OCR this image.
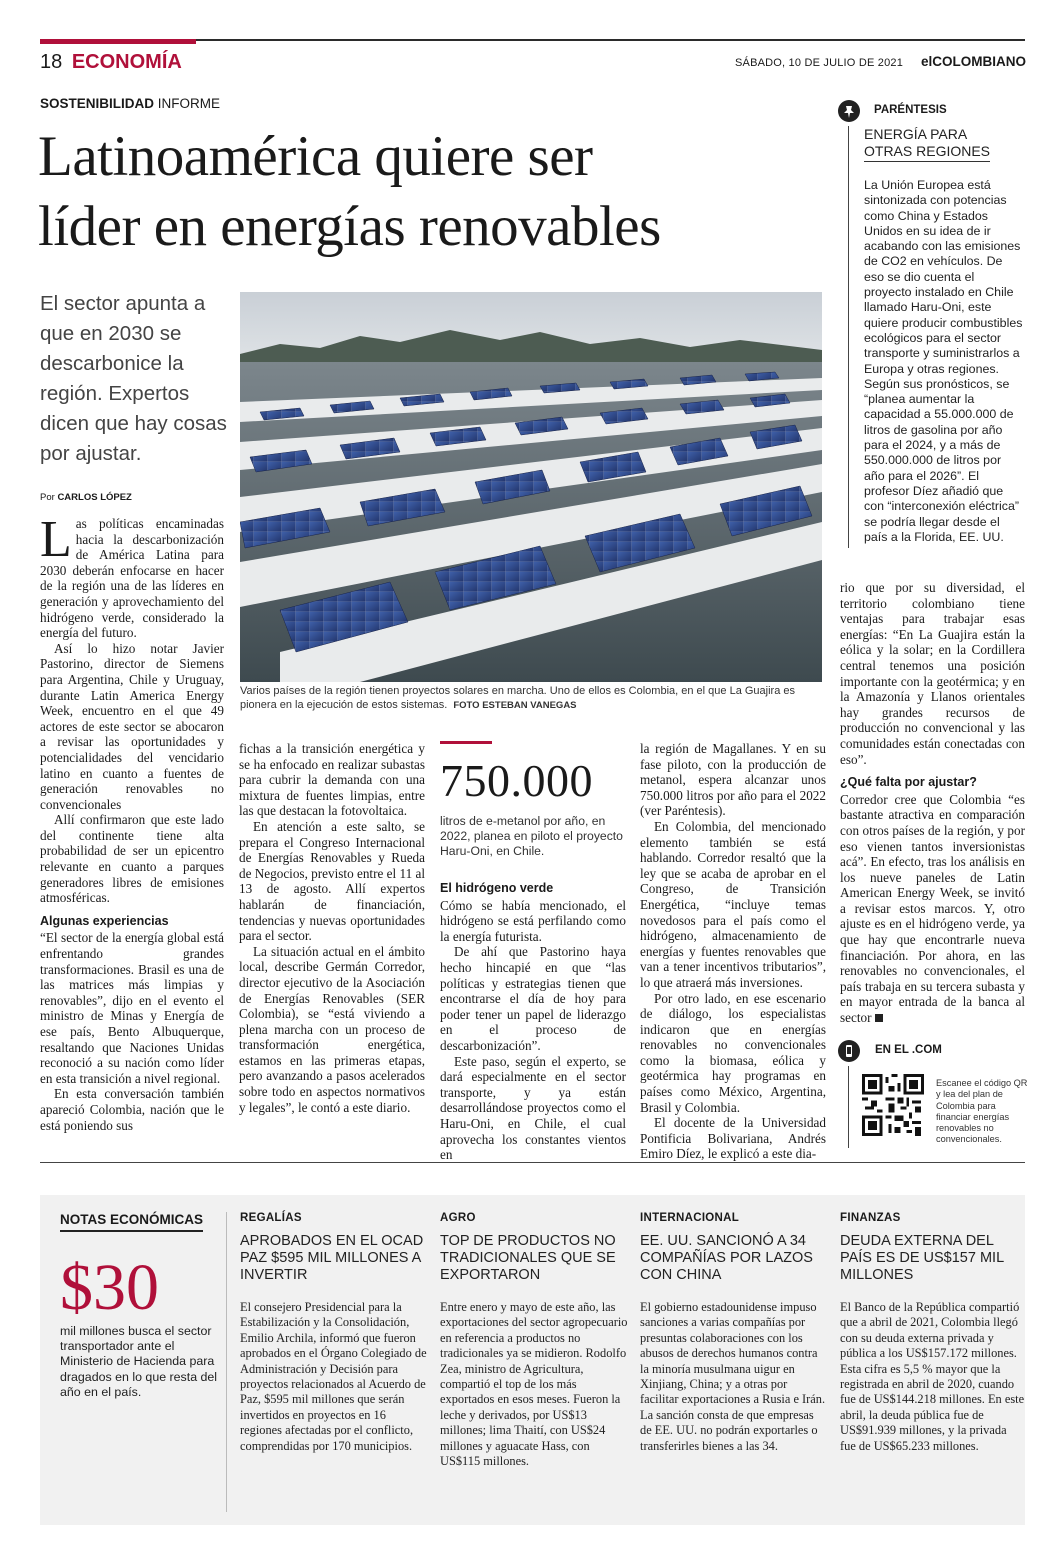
18 ECONOMÍA	SÁBADO, 10 DE JULIO DE 2021 elCOLOMBIANO
SOSTENIBILIDAD INFORME
Latinoamérica quiere ser
líder en energías renovables
El sector apunta a que en 2030 se descarbonice la región. Expertos dicen que hay cosas por ajustar.
Por CARLOS LÓPEZ
Varios países de la región tienen proyectos solares en marcha. Uno de ellos es Colombia, en el que La Guajira es pionera en la ejecución de estos sistemas. FOTO ESTEBAN VANEGAS

Las políticas encaminadas hacia la descarbonización de América Latina para 2030 deberán enfocarse en hacer de la región una de las líderes en generación y aprovechamiento del hidrógeno verde, considerado la energía del futuro.

Así lo hizo notar Javier Pastorino, director de Siemens para Argentina, Chile y Uruguay, durante Latin America Energy Week, encuentro en el que 49 actores de este sector se abocaron a revisar las oportunidades y potencialidades del vencidario latino en cuanto a fuentes de generación renovables no convencionales

Allí confirmaron que este lado del continente tiene alta probabilidad de ser un epicentro relevante en cuanto a parques generadores libres de emisiones atmosféricas.

Algunas experiencias

“El sector de la energía global está enfrentando grandes transformaciones. Brasil es una de las matrices más limpias y renovables”, dijo en el evento el ministro de Minas y Energía de ese país, Bento Albuquerque, resaltando que Naciones Unidas reconoció a su nación como líder en esta transición a nivel regional.

En esta conversación también apareció Colombia, nación que le está poniendo sus

fichas a la transición energética y se ha enfocado en realizar subastas para cubrir la demanda con una mixtura de fuentes limpias, entre las que destacan la fotovoltaica.

En atención a este salto, se prepara el Congreso Internacional de Energías Renovables y Rueda de Negocios, previsto entre el 11 al 13 de agosto. Allí expertos hablarán de financiación, tendencias y nuevas oportunidades para el sector.

La situación actual en el ámbito local, describe Germán Corredor, director ejecutivo de la Asociación de Energías Renovables (SER Colombia), se “está viviendo a plena marcha con un proceso de transformación energética, estamos en las primeras etapas, pero avanzando a pasos acelerados sobre todo en aspectos normativos y legales”, le contó a este diario.

750.000
litros de e-metanol por año, en 2022, planea en piloto el proyecto Haru-Oni, en Chile.
El hidrógeno verde

Cómo se había mencionado, el hidrógeno se está perfilando como la energía futurista.

De ahí que Pastorino haya hecho hincapié en que “las políticas y estrategias tienen que encontrarse el día de hoy para poder tener un papel de liderazgo en el proceso de descarbonización”.

Este paso, según el experto, se dará especialmente en el sector transporte, y ya están desarrollándose proyectos como el Haru-Oni, en Chile, el cual aprovecha los constantes vientos en

la región de Magallanes. Y en su fase piloto, con la producción de metanol, espera alcanzar unos 750.000 litros por año para el 2022 (ver Paréntesis).

En Colombia, del mencionado elemento también se está hablando. Corredor resaltó que la ley que se acaba de aprobar en el Congreso, de Transición Energética, “incluye temas novedosos para el país como el hidrógeno, almacenamiento de energías y fuentes renovables que van a tener incentivos tributarios”, lo que atraerá más inversiones.

Por otro lado, en ese escenario de diálogo, los especialistas indicaron que en energías renovables no convencionales como la biomasa, eólica y geotérmica hay programas en países como México, Argentina, Brasil y Colombia.

El docente de la Universidad Pontificia Bolivariana, Andrés Emiro Díez, le explicó a este dia-

PARÉNTESIS
ENERGÍA PARA
OTRAS REGIONES
La Unión Europea está sintonizada con potencias como China y Estados Unidos en su idea de ir acabando con las emisiones de CO2 en vehículos. De eso se dio cuenta el proyecto instalado en Chile llamado Haru-Oni, este quiere producir combustibles ecológicos para el sector transporte y suministrarlos a Europa y otras regiones. Según sus pronósticos, se “planea aumentar la capacidad a 55.000.000 de litros de gasolina por año para el 2024, y a más de 550.000.000 de litros por año para el 2026”. El profesor Díez añadió que con “interconexión eléctrica” se podría llegar desde el país a la Florida, EE. UU.

rio que por su diversidad, el territorio colombiano tiene ventajas para trabajar esas energías: “En La Guajira están la eólica y la solar; en la Cordillera central tenemos una posición importante con la geotérmica; y en la Amazonía y Llanos orientales hay grandes recursos de producción no convencional y las comunidades están conectadas con eso”.

¿Qué falta por ajustar?

Corredor cree que Colombia “es bastante atractiva en comparación con otros países de la región, y por eso vienen tantos inversionistas acá”. En efecto, tras los análisis en los nueve paneles de Latin American Energy Week, se invitó a revisar estos marcos. Y, otro ajuste es en el hidrógeno verde, ya que hay que encontrarle nueva financiación. Por ahora, en las renovables no convencionales, el país trabaja en su tercera subasta y en mayor entrada de la banca al sector

EN EL .COM
Escanee el código QR y lea del plan de Colombia para financiar energías renovables no convencionales.
NOTAS ECONÓMICAS
$30
mil millones busca el sector transportador ante el Ministerio de Hacienda para dragados en lo que resta del año en el país.
REGALÍAS
APROBADOS EN EL OCAD PAZ $595 MIL MILLONES A INVERTIR
El consejero Presidencial para la Estabilización y la Consolidación, Emilio Archila, informó que fueron aprobados en el Órgano Colegiado de Administración y Decisión para proyectos relacionados al Acuerdo de Paz, $595 mil millones que serán invertidos en proyectos en 16 regiones afectadas por el conflicto, comprendidas por 170 municipios.
AGRO
TOP DE PRODUCTOS NO TRADICIONALES QUE SE EXPORTARON
Entre enero y mayo de este año, las exportaciones del sector agropecuario en referencia a productos no tradicionales ya se midieron. Rodolfo Zea, ministro de Agricultura, compartió el top de los más exportados en esos meses. Fueron la leche y derivados, por US$13 millones; lima Thaití, con US$24 millones y aguacate Hass, con US$115 millones.
INTERNACIONAL
EE. UU. SANCIONÓ A 34 COMPAÑÍAS POR LAZOS CON CHINA
El gobierno estadounidense impuso sanciones a varias compañías por presuntas colaboraciones con los abusos de derechos humanos contra la minoría musulmana uigur en Xinjiang, China; y a otras por facilitar exportaciones a Rusia e Irán. La sanción consta de que empresas de EE. UU. no podrán exportarles o transferirles bienes a las 34.
FINANZAS
DEUDA EXTERNA DEL PAÍS ES DE US$157 MIL MILLONES
El Banco de la República compartió que a abril de 2021, Colombia llegó con su deuda externa privada y pública a los US$157.172 millones. Esta cifra es 5,5 % mayor que la registrada en abril de 2020, cuando fue de US$144.218 millones. En este abril, la deuda pública fue de US$91.939 millones, y la privada fue de US$65.233 millones.
